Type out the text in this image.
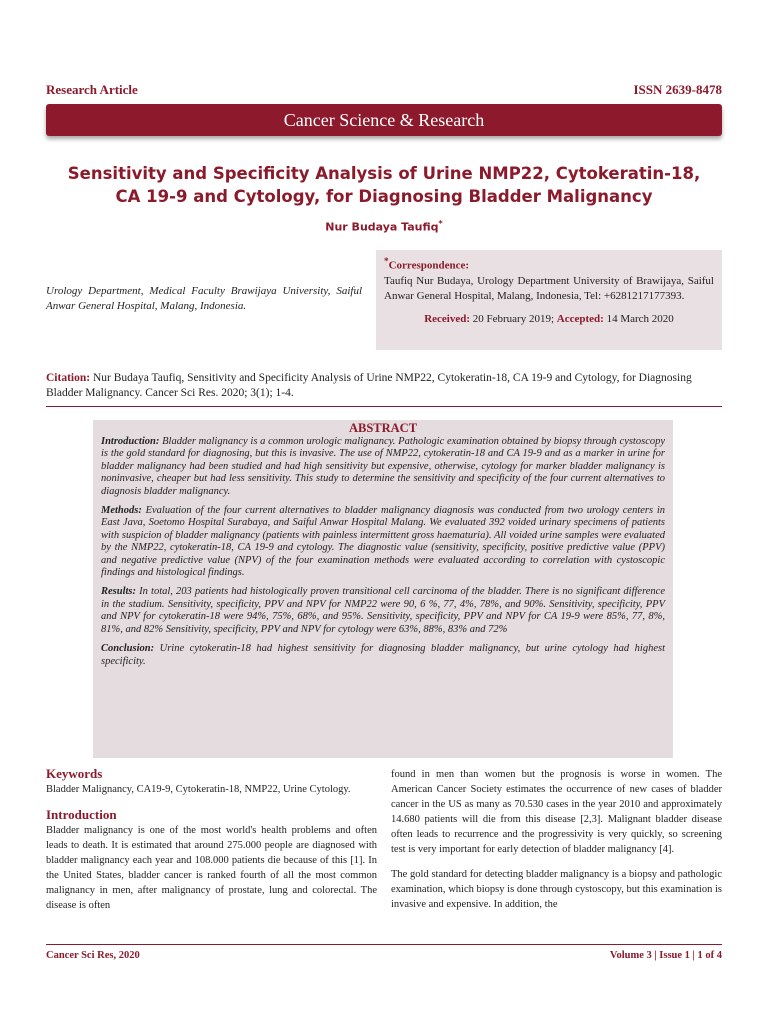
Research Article	ISSN 2639-8478
Cancer Science & Research
Sensitivity and Specificity Analysis of Urine NMP22, Cytokeratin-18, CA 19-9 and Cytology, for Diagnosing Bladder Malignancy
Nur Budaya Taufiq*
Urology Department, Medical Faculty Brawijaya University, Saiful Anwar General Hospital, Malang, Indonesia.
*Correspondence:
Taufiq Nur Budaya, Urology Department University of Brawijaya, Saiful Anwar General Hospital, Malang, Indonesia, Tel: +6281217177393.
Received: 20 February 2019; Accepted: 14 March 2020
Citation: Nur Budaya Taufiq, Sensitivity and Specificity Analysis of Urine NMP22, Cytokeratin-18, CA 19-9 and Cytology, for Diagnosing Bladder Malignancy. Cancer Sci Res. 2020; 3(1); 1-4.
ABSTRACT

Introduction: Bladder malignancy is a common urologic malignancy. Pathologic examination obtained by biopsy through cystoscopy is the gold standard for diagnosing, but this is invasive. The use of NMP22, cytokeratin-18 and CA 19-9 and as a marker in urine for bladder malignancy had been studied and had high sensitivity but expensive, otherwise, cytology for marker bladder malignancy is noninvasive, cheaper but had less sensitivity. This study to determine the sensitivity and specificity of the four current alternatives to diagnosis bladder malignancy.

Methods: Evaluation of the four current alternatives to bladder malignancy diagnosis was conducted from two urology centers in East Java, Soetomo Hospital Surabaya, and Saiful Anwar Hospital Malang. We evaluated 392 voided urinary specimens of patients with suspicion of bladder malignancy (patients with painless intermittent gross haematuria). All voided urine samples were evaluated by the NMP22, cytokeratin-18, CA 19-9 and cytology. The diagnostic value (sensitivity, specificity, positive predictive value (PPV) and negative predictive value (NPV) of the four examination methods were evaluated according to correlation with cystoscopic findings and histological findings.

Results: In total, 203 patients had histologically proven transitional cell carcinoma of the bladder. There is no significant difference in the stadium. Sensitivity, specificity, PPV and NPV for NMP22 were 90, 6 %, 77, 4%, 78%, and 90%. Sensitivity, specificity, PPV and NPV for cytokeratin-18 were 94%, 75%, 68%, and 95%. Sensitivity, specificity, PPV and NPV for CA 19-9 were 85%, 77, 8%, 81%, and 82% Sensitivity, specificity, PPV and NPV for cytology were 63%, 88%, 83% and 72%

Conclusion: Urine cytokeratin-18 had highest sensitivity for diagnosing bladder malignancy, but urine cytology had highest specificity.

Keywords

Bladder Malignancy, CA19-9, Cytokeratin-18, NMP22, Urine Cytology.

Introduction

Bladder malignancy is one of the most world's health problems and often leads to death. It is estimated that around 275.000 people are diagnosed with bladder malignancy each year and 108.000 patients die because of this [1]. In the United States, bladder cancer is ranked fourth of all the most common malignancy in men, after malignancy of prostate, lung and colorectal. The disease is often

found in men than women but the prognosis is worse in women. The American Cancer Society estimates the occurrence of new cases of bladder cancer in the US as many as 70.530 cases in the year 2010 and approximately 14.680 patients will die from this disease [2,3]. Malignant bladder disease often leads to recurrence and the progressivity is very quickly, so screening test is very important for early detection of bladder malignancy [4].

The gold standard for detecting bladder malignancy is a biopsy and pathologic examination, which biopsy is done through cystoscopy, but this examination is invasive and expensive. In addition, the

Cancer Sci Res, 2020	Volume 3 | Issue 1 | 1 of 4
